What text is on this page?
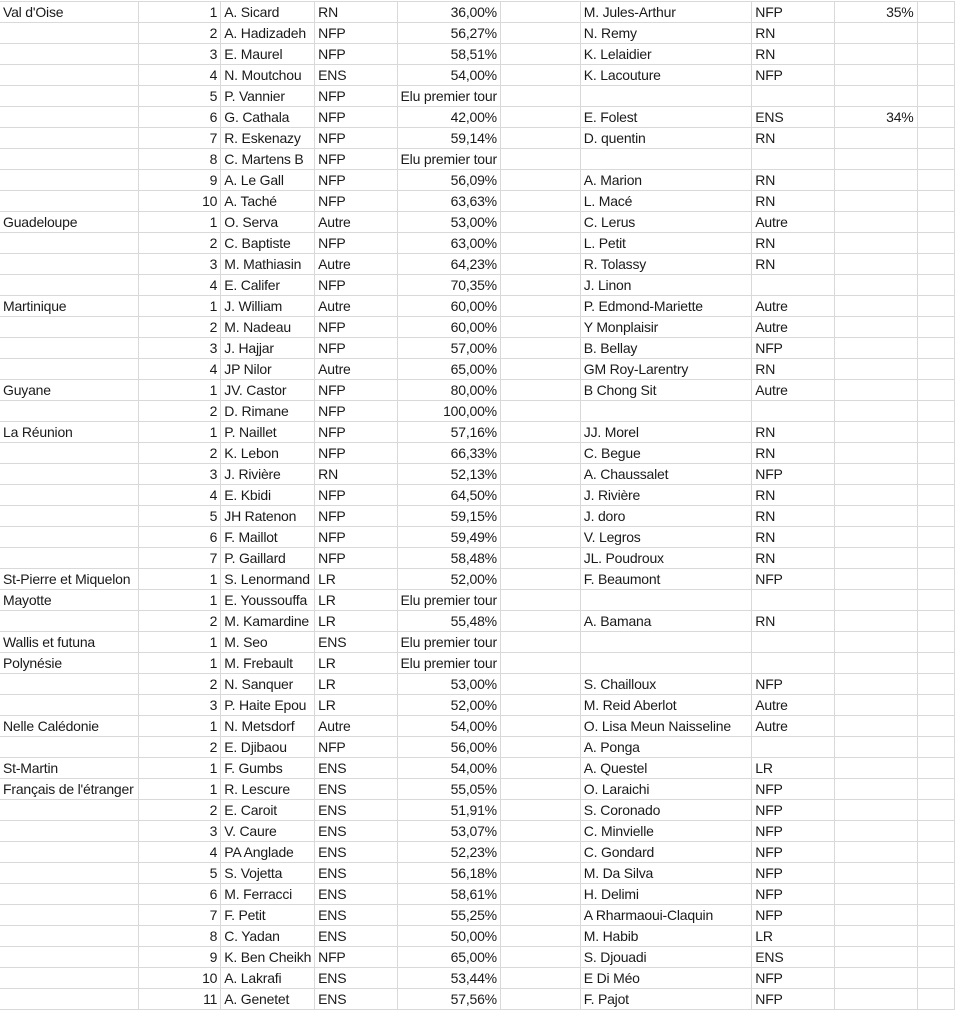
Val d'Oise	1	A. Sicard	RN	36,00%		M. Jules-Arthur	NFP	35%	
	2	A. Hadizadeh	NFP	56,27%		N. Remy	RN		
	3	E. Maurel	NFP	58,51%		K. Lelaidier	RN		
	4	N. Moutchou	ENS	54,00%		K. Lacouture	NFP		
	5	P. Vannier	NFP	Elu premier tour					
	6	G. Cathala	NFP	42,00%		E. Folest	ENS	34%	
	7	R. Eskenazy	NFP	59,14%		D. quentin	RN		
	8	C. Martens B	NFP	Elu premier tour					
	9	A. Le Gall	NFP	56,09%		A. Marion	RN		
	10	A. Taché	NFP	63,63%		L. Macé	RN		
Guadeloupe	1	O. Serva	Autre	53,00%		C. Lerus	Autre		
	2	C. Baptiste	NFP	63,00%		L. Petit	RN		
	3	M. Mathiasin	Autre	64,23%		R. Tolassy	RN		
	4	E. Califer	NFP	70,35%		J. Linon			
Martinique	1	J. William	Autre	60,00%		P. Edmond-Mariette	Autre		
	2	M. Nadeau	NFP	60,00%		Y Monplaisir	Autre		
	3	J. Hajjar	NFP	57,00%		B. Bellay	NFP		
	4	JP Nilor	Autre	65,00%		GM Roy-Larentry	RN		
Guyane	1	JV. Castor	NFP	80,00%		B Chong Sit	Autre		
	2	D. Rimane	NFP	100,00%					
La Réunion	1	P. Naillet	NFP	57,16%		JJ. Morel	RN		
	2	K. Lebon	NFP	66,33%		C. Begue	RN		
	3	J. Rivière	RN	52,13%		A. Chaussalet	NFP		
	4	E. Kbidi	NFP	64,50%		J. Rivière	RN		
	5	JH Ratenon	NFP	59,15%		J. doro	RN		
	6	F. Maillot	NFP	59,49%		V. Legros	RN		
	7	P. Gaillard	NFP	58,48%		JL. Poudroux	RN		
St-Pierre et Miquelon	1	S. Lenormand	LR	52,00%		F. Beaumont	NFP		
Mayotte	1	E. Youssouffa	LR	Elu premier tour					
	2	M. Kamardine	LR	55,48%		A. Bamana	RN		
Wallis et futuna	1	M. Seo	ENS	Elu premier tour					
Polynésie	1	M. Frebault	LR	Elu premier tour					
	2	N. Sanquer	LR	53,00%		S. Chailloux	NFP		
	3	P. Haite Epou	LR	52,00%		M. Reid Aberlot	Autre		
Nelle Calédonie	1	N. Metsdorf	Autre	54,00%		O. Lisa Meun Naisseline	Autre		
	2	E. Djibaou	NFP	56,00%		A. Ponga			
St-Martin	1	F. Gumbs	ENS	54,00%		A. Questel	LR		
Français de l'étranger	1	R. Lescure	ENS	55,05%		O. Laraichi	NFP		
	2	E. Caroit	ENS	51,91%		S. Coronado	NFP		
	3	V. Caure	ENS	53,07%		C. Minvielle	NFP		
	4	PA Anglade	ENS	52,23%		C. Gondard	NFP		
	5	S. Vojetta	ENS	56,18%		M. Da Silva	NFP		
	6	M. Ferracci	ENS	58,61%		H. Delimi	NFP		
	7	F. Petit	ENS	55,25%		A Rharmaoui-Claquin	NFP		
	8	C. Yadan	ENS	50,00%		M. Habib	LR		
	9	K. Ben Cheikh	NFP	65,00%		S. Djouadi	ENS		
	10	A. Lakrafi	ENS	53,44%		E Di Méo	NFP		
	11	A. Genetet	ENS	57,56%		F. Pajot	NFP		
